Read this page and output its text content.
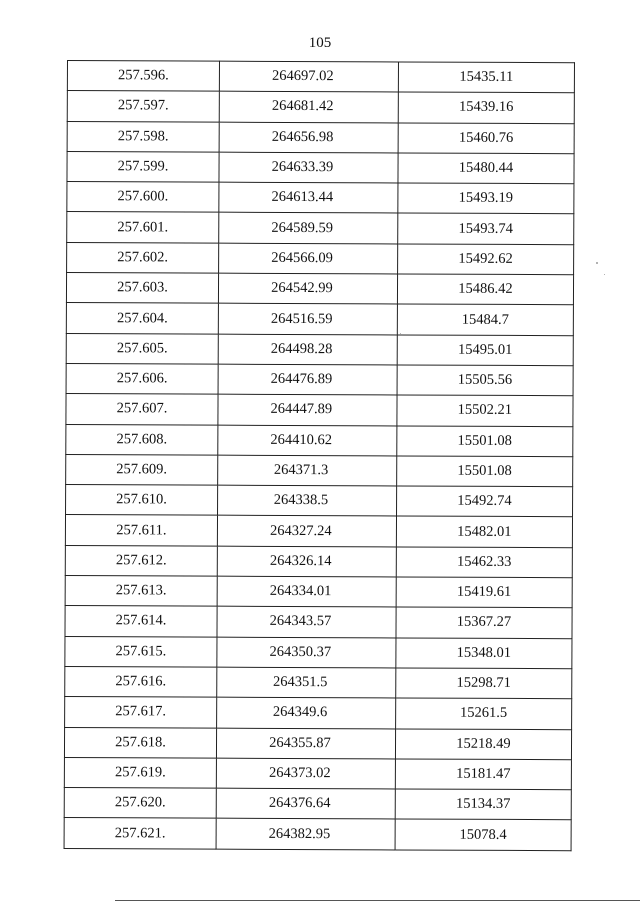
105
257.596.	264697.02	15435.11
257.597.	264681.42	15439.16
257.598.	264656.98	15460.76
257.599.	264633.39	15480.44
257.600.	264613.44	15493.19
257.601.	264589.59	15493.74
257.602.	264566.09	15492.62
257.603.	264542.99	15486.42
257.604.	264516.59	15484.7
257.605.	264498.28	15495.01
257.606.	264476.89	15505.56
257.607.	264447.89	15502.21
257.608.	264410.62	15501.08
257.609.	264371.3	15501.08
257.610.	264338.5	15492.74
257.611.	264327.24	15482.01
257.612.	264326.14	15462.33
257.613.	264334.01	15419.61
257.614.	264343.57	15367.27
257.615.	264350.37	15348.01
257.616.	264351.5	15298.71
257.617.	264349.6	15261.5
257.618.	264355.87	15218.49
257.619.	264373.02	15181.47
257.620.	264376.64	15134.37
257.621.	264382.95	15078.4
